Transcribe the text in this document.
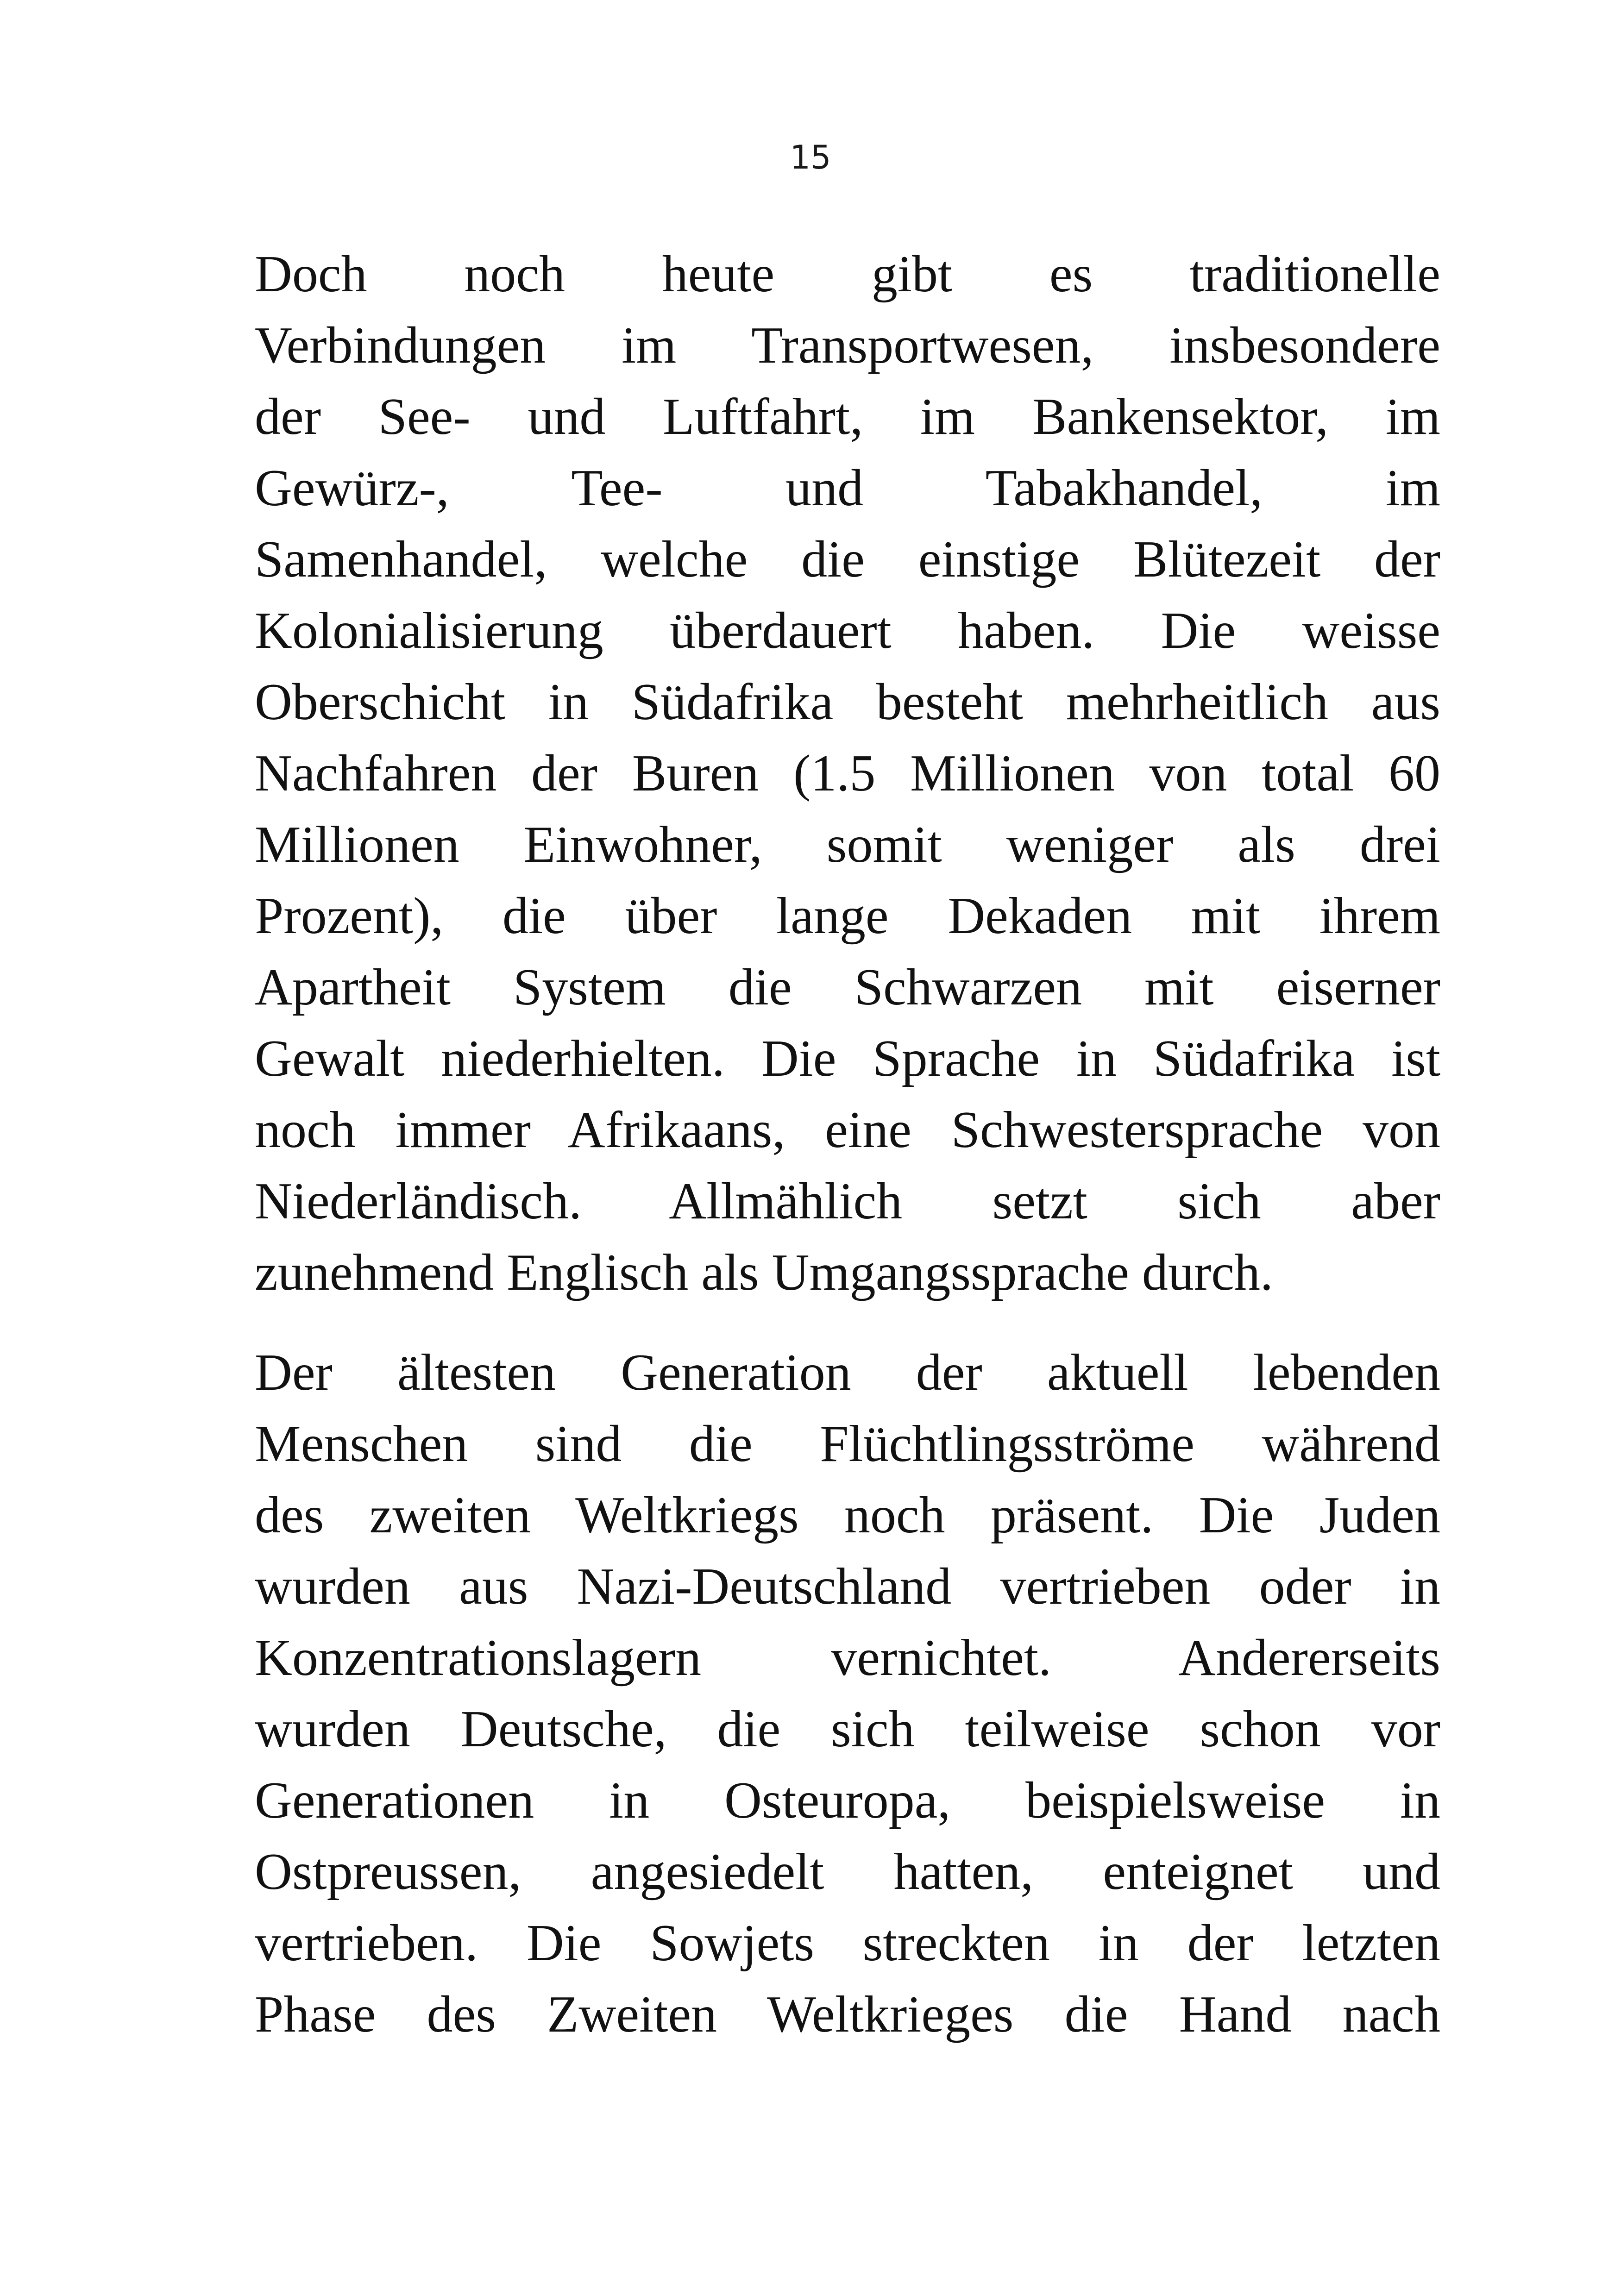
15
Doch noch heute gibt es traditionelle
Verbindungen im Transportwesen, insbesondere
der See- und Luftfahrt, im Bankensektor, im
Gewürz-, Tee- und Tabakhandel, im
Samenhandel, welche die einstige Blütezeit der
Kolonialisierung überdauert haben. Die weisse
Oberschicht in Südafrika besteht mehrheitlich aus
Nachfahren der Buren (1.5 Millionen von total 60
Millionen Einwohner, somit weniger als drei
Prozent), die über lange Dekaden mit ihrem
Apartheit System die Schwarzen mit eiserner
Gewalt niederhielten. Die Sprache in Südafrika ist
noch immer Afrikaans, eine Schwestersprache von
Niederländisch. Allmählich setzt sich aber
zunehmend Englisch als Umgangssprache durch.
Der ältesten Generation der aktuell lebenden
Menschen sind die Flüchtlingsströme während
des zweiten Weltkriegs noch präsent. Die Juden
wurden aus Nazi-Deutschland vertrieben oder in
Konzentrationslagern vernichtet. Andererseits
wurden Deutsche, die sich teilweise schon vor
Generationen in Osteuropa, beispielsweise in
Ostpreussen, angesiedelt hatten, enteignet und
vertrieben. Die Sowjets streckten in der letzten
Phase des Zweiten Weltkrieges die Hand nach
